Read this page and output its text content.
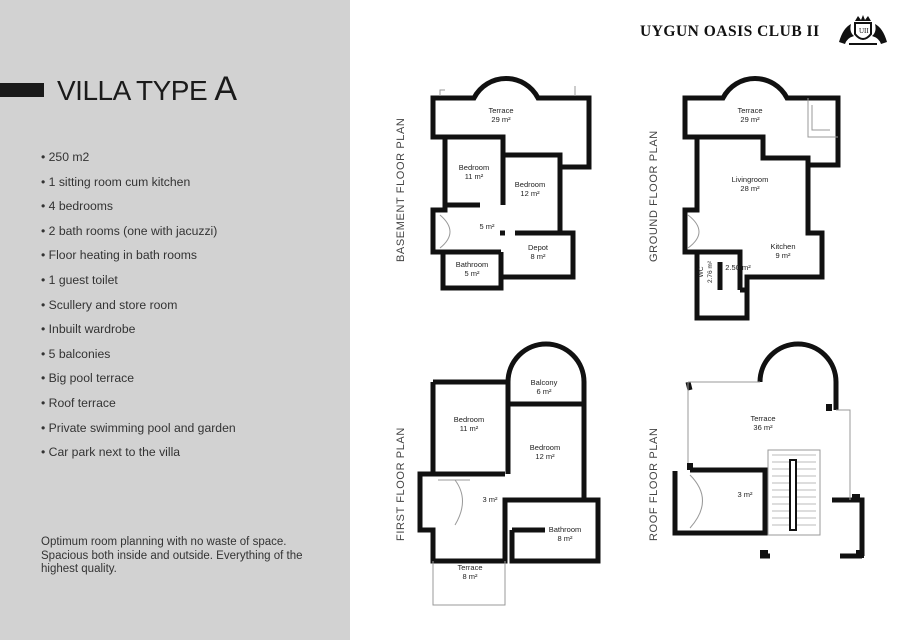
VILLA TYPE A
• 250 m2
• 1 sitting room cum kitchen
• 4 bedrooms
• 2 bath rooms (one with jacuzzi)
• Floor heating in bath rooms
• 1 guest toilet
• Scullery and store room
• Inbuilt wardrobe
• 5 balconies
• Big pool terrace
• Roof terrace
• Private swimming pool and garden
• Car park next to the villa
Optimum room planning with no waste of space. Spacious both inside and outside. Everything of the highest quality.
UYGUN OASIS CLUB II	U II
BASEMENT FLOOR PLAN	GROUND FLOOR PLAN
FIRST FLOOR PLAN	ROOF FLOOR PLAN
Terrace
29 m²
Bedroom
11 m²
Bedroom
12 m²
5 m²
Depot
8 m²
Bathroom
5 m²
Terrace
29 m²
Livingroom
28 m²
Kitchen
9 m²
WC 2.76 m² 2.50 m²
Balcony
6 m²
Bedroom
11 m²
Bedroom
12 m²
3 m²
Bathroom
8 m²
Terrace
8 m²
Terrace
36 m²
3 m²
